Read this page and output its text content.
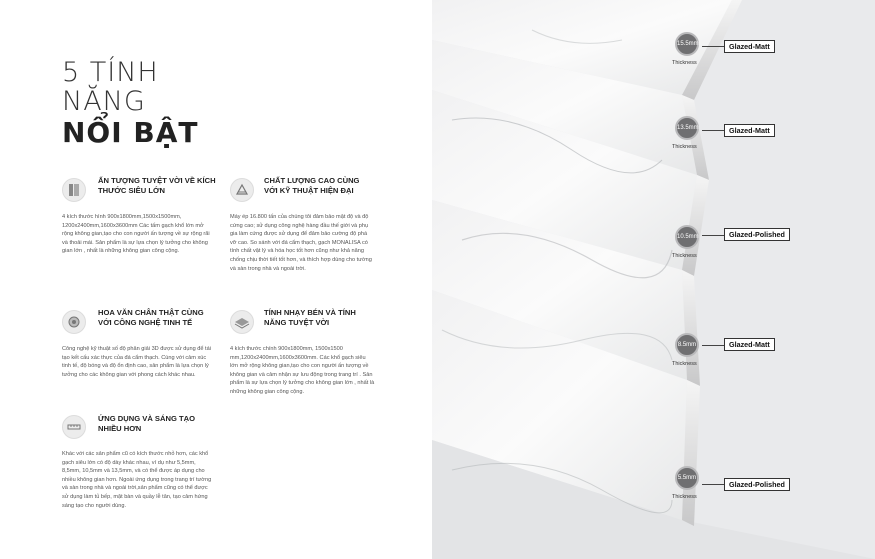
5 TÍNH
NĂNG
NỔI BẬT
ẤN TƯỢNG TUYỆT VỜI VỀ KÍCH THƯỚC SIÊU LỚN
4 kích thước hình 900x1800mm,1500x1500mm, 1200x2400mm,1600x3600mm Các tấm gạch khổ lớn mở rộng không gian,tạo cho con người ấn tượng về sự rộng rãi và thoải mái. Sản phẩm là sự lựa chọn lý tưởng cho không gian lớn , nhất là những không gian công cộng.
CHẤT LƯỢNG CAO CÙNG VỚI KỸ THUẬT HIỆN ĐẠI
Máy ép 16.800 tấn của chúng tôi đảm bảo mật độ và độ cứng cao; sử dụng công nghệ hàng đầu thế giới và phụ gia làm cứng được sử dụng để đảm bảo cường độ phá vỡ cao. So sánh với đá cẩm thạch, gạch MONALISA có tính chất vật lý và hóa học tốt hơn cũng như khả năng chống chịu thời tiết tốt hơn, và thích hợp dùng cho tường và sàn trong nhà và ngoài trời.
HOA VĂN CHÂN THẬT CÙNG VỚI CÔNG NGHỆ TINH TẾ
Công nghệ kỹ thuật số độ phân giải 3D được sử dụng để tái tạo kết cấu xác thực của đá cẩm thạch. Cùng với cảm xúc tinh tế, độ bóng và độ ổn định cao, sản phẩm là lựa chọn lý tưởng cho các không gian với phong cách khác nhau.
TÍNH NHẠY BÉN VÀ TÍNH NĂNG TUYỆT VỜI
4 kích thước chính 900x1800mm, 1500x1500 mm,1200x2400mm,1600x3600mm. Các khổ gạch siêu lớn mở rộng không gian,tạo cho con người ấn tượng về không gian và cảm nhận sự lưu động trong trang trí . Sản phẩm là sự lựa chọn lý tưởng cho không gian lớn , nhất là những không gian công cộng.
ỨNG DỤNG VÀ SÁNG TẠO NHIỀU HƠN
Khác với các sản phẩm cũ có kích thước nhỏ hơn, các khổ gạch siêu lớn có độ dày khác nhau, ví dụ như 5,5mm, 8,5mm, 10,5mm và 13,5mm, và có thể được áp dụng cho nhiều không gian hơn. Ngoài ứng dụng trong trang trí tường và sàn trong nhà và ngoài trời,sản phẩm cũng có thể được sử dụng làm tủ bếp, mặt bàn và quầy lễ tân, tạo cảm hứng sáng tạo cho người dùng.
15.5mm
Thickness
Glazed-Matt
13.5mm
Thickness
Glazed-Matt
10.5mm
Thickness
Glazed-Polished
8.5mm
Thickness
Glazed-Matt
5.5mm
Thickness
Glazed-Polished
